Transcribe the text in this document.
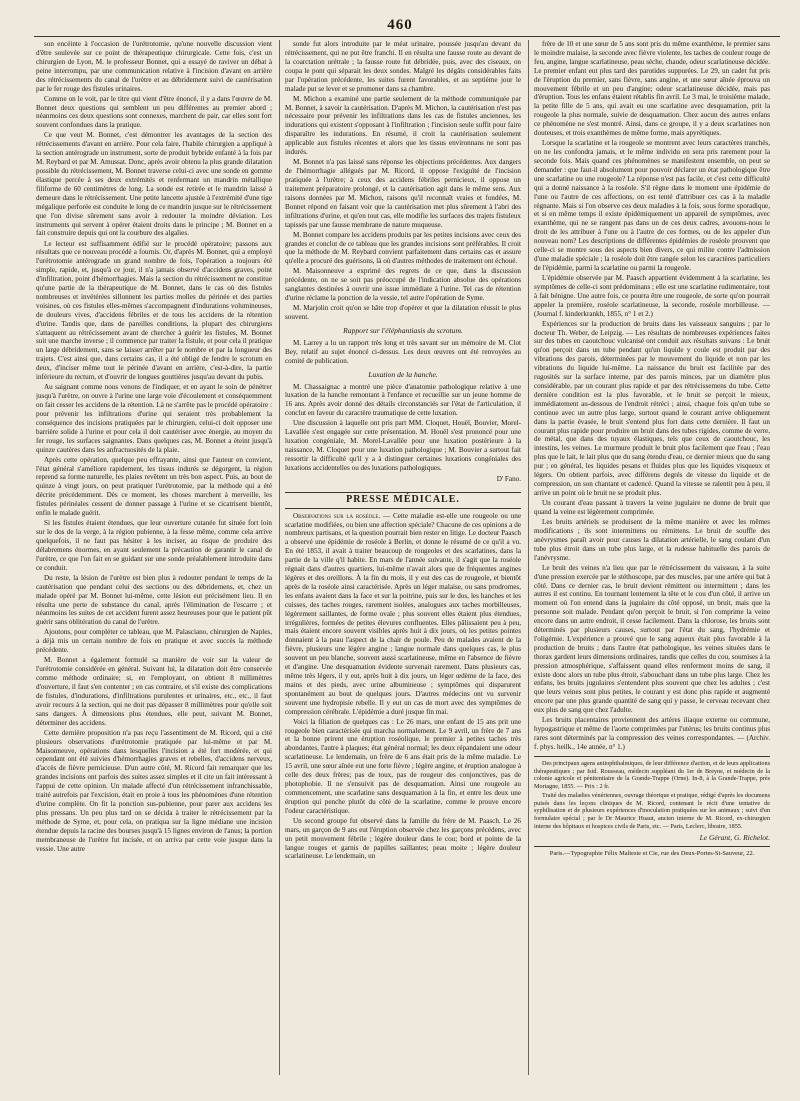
460

son encéinte à l'occasion de l'urétrotomie, qu'une nouvelle discussion vient d'être soulevée sur ce point de thérapeutique chirurgicale. Cette fois, c'est un chirurgien de Lyon, M. le professeur Bonnet, qui a essayé de raviver un débat à peine interrompu, par une communication relative à l'incision d'avant en arrière des rétrécissements du canal de l'urètre et au débridement suivi de cautérisation par le fer rouge des fistules urinaires.

Comme on le voit, par le titre qui vient d'être énoncé, il y a dans l'œuvre de M. Bonnet deux questions qui semblent un peu différentes au premier abord ; néanmoins ces deux questions sont connexes, marchent de pair, car elles sont fort souvent confondues dans la pratique.

Ce que veut M. Bonnet, c'est démontrer les avantages de la section des rétrécissements d'avant en arrière. Pour cela faire, l'habile chirurgien a appliqué à la section antérograde un instrument, sorte de produit hybride enfanté à la fois par M. Reybard et par M. Amussat. Donc, après avoir obtenu la plus grande dilatation possible du rétrécissement, M. Bonnet traverse celui-ci avec une sonde en gomme élastique percée à ses deux extrémités et renfermant un mandrin métallique filiforme de 60 centimètres de long. La sonde est retirée et le mandrin laissé à demeure dans le rétrécissement. Une petite lancette ajustée à l'extrémité d'une tige mégalique perforée est conduite le long de ce mandrin jusque sur le rétrécissement que l'on divise sûrement sans avoir à redouter la moindre déviation. Les instruments qui servent à opérer étaient droits dans le principe ; M. Bonnet en a fait construire depuis qui ont la courbure des algalies.

Le lecteur est suffisamment édifié sur le procédé opératoire; passons aux résultats que ce nouveau procédé a fournis. Or, d'après M. Bonnet, qui a employé l'urétrotomie antérograde un grand nombre de fois, l'opération a toujours été simple, rapide, et, jusqu'à ce jour, il n'a jamais observé d'accidens graves, point d'infiltration, point d'hémorrhagies. Mais la section du rétrécissement ne constitue qu'une partie de la thérapeutique de M. Bonnet, dans le cas où des fistules nombreuses et invétérées sillonnent les parties molles du périnée et des parties voisines, où ces fistules elles-mêmes s'accompagnent d'indurations volumineuses, de douleurs vives, d'accidens fébriles et de tous les accidens de la rétention d'urine. Tandis que, dans de pareilles conditions, la plupart des chirurgiens s'attaquent au rétrécissement avant de chercher à guérir les fistules, M. Bonnet suit une marche inverse ; il commence par traiter la fistule, et pour cela il pratique un large débridement, sans se laisser arrêter par le nombre et par la longueur des trajets. C'est ainsi que, dans certains cas, il a été obligé de fendre le scrotum en deux, d'inciser même tout le périnée d'avant en arrière, c'est-à-dire, la partie inférieure du rectum, et d'ouvrir de longues gouttières jusqu'au devant du pubis.

Au saignant comme nous venons de l'indiquer, et en ayant le soin de pénétrer jusqu'à l'urètre, on ouvre à l'urine une large voie d'écoulement et conséquemment on fait cesser les accidens de la rétention. Là ne s'arrête pas le procédé opératoire : pour prévenir les infiltrations d'urine qui seraient très probablement la conséquence des incisions pratiquées par le chirurgien, celui-ci doit opposer une barrière solide à l'urine et pour cela il doit cautériser avec énergie, au moyen du fer rouge, les surfaces saignantes. Dans quelques cas, M. Bonnet a éteint jusqu'à quinze cautères dans les anfractuosités de la plaie.

Après cette opération, quelque peu effrayante, ainsi que l'auteur en convient, l'état général s'améliore rapidement, les tissus indurés se dégorgent, la région reprend sa forme naturelle, les plaies revêtent un très bon aspect. Puis, au bout de quinze à vingt jours, on peut pratiquer l'urétrotomie, par la méthode qui a été décrite précédemment. Dès ce moment, les choses marchent à merveille, les fistules périnéales cessent de donner passage à l'urine et se cicatrisent bientôt, enfin le malade guérit.

Si les fistules étaient étendues, que leur ouverture cutanée fut située fort loin sur le dos de la verge, à la région pubienne, à la fesse même, comme cela arrive quelquefois, il ne faut pas hésiter à les inciser, au risque de produire des délabremens énormes, en ayant seulement la précaution de garantir le canal de l'urètre, ce que l'on fait en se guidant sur une sonde préalablement introduite dans ce conduit.

Du reste, la lésion de l'urètre est bien plus à redouter pendant le temps de la cautérisation que pendant celui des sections ou des débridemens, et, chez un malade opéré par M. Bonnet lui-même, cette lésion eut précisément lieu. Il en résulta une perte de substance du canal, après l'élimination de l'escarre ; et néanmoins les suites de cet accident furent assez heureuses pour que le patient pût guérir sans oblitération du canal de l'urètre.

Ajoutons, pour compléter ce tableau, que M. Palasciano, chirurgien de Naples, a déjà mis un certain nombre de fois en pratique et avec succès la méthode précédente.

M. Bonnet a également formulé sa manière de voir sur la valeur de l'urétrotomie considérée en général. Suivant lui, la dilatation doit être conservée comme méthode ordinaire; si, en l'employant, on obtient 8 millimètres d'ouverture, il faut s'en contenter ; en cas contraire, et s'il existe des complications de fistules, d'indurations, d'infiltrations purulentes et urinaires, etc., etc., il faut avoir recours à la section, qui ne doit pas dépasser 8 millimètres pour qu'elle soit sans dangers. À dimensions plus étendues, elle peut, suivant M. Bonnet, déterminer des accidens.

Cette dernière proposition n'a pas reçu l'assentiment de M. Ricord, qui a cité plusieurs observations d'urétrotomie pratiquée par lui-même et par M. Maisonneuve, opérations dans lesquelles l'incision a été fort modérée, et qui cependant ont été suivies d'hémorrhagies graves et rebelles, d'accidens nerveux, d'accès de fièvre pernicieuse. D'un autre côté, M. Ricord fait remarquer que les grandes incisions ont parfois des suites assez simples et il cite un fait intéressant à l'appui de cette opinion. Un malade affecté d'un rétrécissement infranchissable, traité autrefois par l'excision, était en proie à tous les phénomènes d'une rétention d'urine complète. On fit la ponction sus-pubienne, pour parer aux accidens les plus pressans. Un peu plus tard on se décida à traiter le rétrécissement par la méthode de Syme, et, pour cela, on pratiqua sur la ligne médiane une incision étendue depuis la racine des bourses jusqu'à 15 lignes environ de l'anus; la portion membraneuse de l'urètre fut incisée, et on arriva par cette voie jusque dans la vessie. Une autre

sonde fut alors introduite par le méat urinaire, poussée jusqu'au devant du rétrécissement, qui ne put être franchi. Il en résulta une fausse route au devant de la coarctation urétrale ; la fausse route fut débridée, puis, avec des ciseaux, on coupa le pont qui séparait les deux sondes. Malgré les dégâts considérables faits par l'opération précédente, les suites furent favorables, et au septième jour le malade put se lever et se promener dans sa chambre.

M. Michon a examiné une partie seulement de la méthode communiquée par M. Bonnet, à savoir la cautérisation. D'après M. Michon, la cautérisation n'est pas nécessaire pour prévenir les infiltrations dans les cas de fistules anciennes, les indurations qui existent s'opposant à l'infiltration ; l'incision seule suffit pour faire disparaître les indurations. En résumé, il croit la cautérisation seulement applicable aux fistules récentes et alors que les tissus environnans ne sont pas indurés.

M. Bonnet n'a pas laissé sans réponse les objections précédentes. Aux dangers de l'hémorrhagie allégués par M. Ricord, il oppose l'exiguïté de l'incision pratiquée à l'urètre; à ceux des accidens fébriles pernicieux, il oppose un traitement préparatoire prolongé, et la cautérisation agit dans le même sens. Aux raisons données par M. Michon, raisons qu'il reconnaît vraies et fondées, M. Bonnet répond en faisant voir que la cautérisation met plus sûrement à l'abri des infiltrations d'urine, et qu'en tout cas, elle modifie les surfaces des trajets fistuleux tapissés par une fausse membrane de nature muqueuse.

M. Bonnet compare les accidens produits par les petites incisions avec ceux des grandes et conclut de ce tableau que les grandes incisions sont préférables. Il croit que la méthode de M. Reybard convient parfaitement dans certains cas et assure qu'elle a procuré des guérisons, là où d'autres méthodes de traitement ont échoué.

M. Maisonneuve a exprimé des regrets de ce que, dans la discussion précédente, on ne se soit pas préoccupé de l'indication absolue des opérations sanglantes destinées à ouvrir une issue immédiate à l'urine. Tel cas de rétention d'urine réclame la ponction de la vessie, tel autre l'opération de Syme.

M. Marjolin croit qu'on se hâte trop d'opérer et que la dilatation réussit le plus souvent.

Rapport sur l'éléphantiasis du scrotum.

M. Larrey a lu un rapport très long et très savant sur un mémoire de M. Clot Bey, relatif au sujet énoncé ci-dessus. Les deux œuvres ont été renvoyées au comité de publication.

Luxation de la hanche.

M. Chassaignac a montré une pièce d'anatomie pathologique relative à une luxation de la hanche remontant à l'enfance et recueillie sur un jeune homme de 16 ans. Après avoir donné des détails circonstanciés sur l'état de l'articulation, il conclut en faveur du caractère traumatique de cette luxation.

Une discussion à laquelle ont pris part MM. Cloquet, Houël, Bouvier, Morel-Lavallée s'est engagée sur cette présentation. M. Houël s'est prononcé pour une luxation congéniale, M. Morel-Lavallée pour une luxation postérieure à la naissance, M. Cloquet pour une luxation pathologique ; M. Bouvier a surtout fait ressortir la difficulté qu'il y a à distinguer certaines luxations congéniales des luxations accidentelles ou des luxations pathologiques.

D' Fano.

PRESSE MÉDICALE.

Observations sur la roséole. — Cette maladie est-elle une rougeole ou une scarlatine modifiées, ou bien une affection spéciale? Chacune de ces opinions a de nombreux partisans, et la question pourrait bien rester en litige. Le docteur Paasch a observé une épidémie de roséole à Berlin, et donne le résumé de ce qu'il a vu. En été 1853, il avait à traiter beaucoup de rougeoles et des scarlatines, dans la partie de la ville q'il habite. En mars de l'année suivante, il s'agit que la roséole régnait dans d'autres quartiers, lui-même n'avait alors que de fréquentes angines légères et des oreillons. À la fin du mois, il y eut des cas de rougeole, et bientôt après de la roséole ainsi caractérisée. Après un léger malaise, ou sans prodromes, les enfans avaient dans la face et sur la poitrine, puis sur le dos, les hanches et les cuisses, des taches rouges, rarement isolées, analogues aux taches morbilleuses, légèrement saillantes, de forme ovale ; plus souvent elles étaient plus étendues, irrégulières, formées de petites élevures confluentes. Elles pâlissaient peu à peu, mais étaient encore souvent visibles après huit à dix jours, où les petites pointes donnaient à la peau l'aspect de la chair de poule. Peu de malades avaient de la fièvre, plusieurs une légère angine ; langue normale dans quelques cas, le plus souvent un peu blanche, souvent aussi scarlatineuse, même en l'absence de fièvre et d'angine. Une desquamation évidente survenait rarement. Dans plusieurs cas, même très légers, il y eut, après huit à dix jours, un léger œdème de la face, des mains et des pieds, avec urine albumineuse ; symptômes qui disparurent spontanément au bout de quelques jours. D'autres médecins ont vu survenir souvent une hydropisie rebelle. Il y eut un cas de mort avec des symptômes de compression cérébrale. L'épidémie a duré jusque fin mai.

Voici la filiation de quelques cas : Le 26 mars, une enfant de 15 ans prit une rougeole bien caractérisée qui marcha normalement. Le 9 avril, un frère de 7 ans et la bonne prirent une éruption roséolique, le premier à petites taches très abondantes, l'autre à plaques; état général normal; les deux répandaient une odeur scarlatineuse. Le lendemain, un frère de 6 ans était pris de la même maladie. Le 15 avril, une sœur aînée eut une forte fièvre ; légère angine, et éruption analogue à celle des deux frères; pas de toux, pas de rougeur des conjonctives, pas de photophobie. Il ne s'ensuivit pas de desquamation. Ainsi une rougeole au commencement, une scarlatine sans desquamation à la fin, et entre les deux une éruption qui penche plutôt du côté de la scarlatine, comme le prouve encore l'odeur caractéristique.

Un second groupe fut observé dans la famille du frère de M. Paasch. Le 26 mars, un garçon de 9 ans eut l'éruption observée chez les garçons précédens, avec un petit mouvement fébrile ; légère douleur dans le cou; bord et pointe de la langue rouges et garnis de papilles saillantes; peau moite ; légère douleur scarlatineuse. Le lendemain, un

frère de 10 et une sœur de 5 ans sont pris du même exanthème, le premier sans le moindre malaise, la seconde avec fièvre violente, les taches de couleur rouge de feu, angine, langue scarlatineuse, peau sèche, chaude, odeur scarlatineuse décidée. Le premier enfant eut plus tard des parotides suppurées. Le 29, un cadet fut pris de l'éruption du premier, sans fièvre, sans angine, et une sœur aînée éprouva un mouvement fébrile et un peu d'angine; odeur scarlatineuse décidée, mais pas d'éruption. Tous les enfans étaient rétablis fin avril. Le 3 mai, le troisième malade, la petite fille de 5 ans, qui avait eu une scarlatine avec desquamation, prit la rougeole la plus normale, suivie de desquamation. Chez aucun des autres enfans ce phénomène ne s'est montré. Ainsi, dans ce groupe, il y a deux scarlatines non douteuses, et trois exanthèmes de même forme, mais apyrétiques.

Lorsque la scarlatine et la rougeole se montrent avec leurs caractères tranchés, on ne les confondra jamais, et le même individu en sera pris rarement pour la seconde fois. Mais quand ces phénomènes se manifestent ensemble, on peut se demander : que faut-il absolument pour pouvoir déclarer un état pathologique être une scarlatine ou une rougeole? La réponse n'est pas facile, et c'est cette difficulté qui a donné naissance à la roséole. S'il règne dans le moment une épidémie de l'une ou l'autre de ces affections, on est tenté d'attribuer ces cas à la maladie régnante. Mais si l'on observe ces deux maladies à la fois, sous forme sporadique, et si en même temps il existe épidémiquement un appareil de symptômes, avec exanthème, qui ne se rangent pas dans un de ces deux cadres, avouons-nous le droit de les attribuer à l'une ou à l'autre de ces formes, ou de les appeler d'un nouveau nom? Les descriptions de différentes épidémies de roséole prouvent que celle-ci se montre sous des aspects bien divers, ce qui milite contre l'admission d'une maladie spéciale ; la roséole doit être rangée selon les caractères particuliers de l'épidémie, parmi la scarlatine ou parmi la rougeole.

L'épidémie observée par M. Paasch appartient évidemment à la scarlatine, les symptômes de celle-ci sont prédominans ; elle est une scarlatine rudimentaire, tout à fait bénigne. Une autre fois, ce pourra être une rougeole, de sorte qu'on pourrait appeler la première, roséole scarlatineuse, la seconde, roséole morbilleuse. — (Journal f. kinderkrankh, 1855, n° 1 et 2.)

Expériences sur la production de bruits dans les vaisseaux sanguins ; par le docteur Th. Weber, de Leipzig. — Les résultats de nombreuses expériences faites sur des tubes en caoutchouc vulcanisé ont conduit aux résultats suivans : Le bruit qu'on perçoit dans un tube pendant qu'un liquide y coule est produit par des vibrations des parois, déterminées par le mouvement du liquide et non par les vibrations du liquide lui-même. La naissance du bruit est facilitée par des rugosités sur la surface interne, par des parois minces, par un diamètre plus considérable, par un courant plus rapide et par des rétrécissemens du tube. Cette dernière condition est la plus favorable, et le bruit se perçoit le mieux, immédiatement au-dessous de l'endroit rétréci ; ainsi, chaque fois qu'un tube se continue avec un autre plus large, surtout quand le courant arrive obliquement dans la partie évasée, le bruit s'entend plus fort dans cette dernière. Il faut un courant plus rapide pour produire un bruit dans des tubes rigides, comme de verre, de métal, que dans des tuyaux élastiques, tels que ceux de caoutchouc, les intestins, les veines. Le murmure produit le bruit plus facilement que l'eau ; l'eau plus que le lait, le lait plus que du sang étendu d'eau, ce dernier mieux que du sang pur ; en général, les liquides pesans et fluides plus que les liquides visqueux et légers. On obtient parfois, avec différens degrés de vitesse du liquide et de compression, un son chantant et cadencé. Quand la vitesse se ralentit peu à peu, il arrive un point où le bruit ne se produit plus.

Un courant d'eau passant à travers la veine jugulaire ne donne de bruit que quand la veine est légèrement comprimée.

Les bruits artériels se produisent de la même manière et avec les mêmes modifications ; ils sont intermittens ou rémittens. Le bruit de souffle des anévrysmes paraît avoir pour causes la dilatation artérielle, le sang coulant d'un tube plus étroit dans un tube plus large, et la rudesse habituelle des parois de l'anévrysme.

Le bruit des veines n'a lieu que par le rétrécissement du vaisseau, à la suite d'une pression exercée par le stéthoscope, par des muscles, par une artère qui bat à côté. Dans ce dernier cas, le bruit devient rémittent ou intermittent ; dans les autres il est continu. En tournant lentement la tête et le cou d'un côté, il arrive un moment où l'on entend dans la jugulaire du côté opposé, un bruit, mais que la personne soit malade. Pendant qu'on perçoit le bruit, si l'on comprime la veine encore dans un autre endroit, il cesse facilement. Dans la chlorose, les bruits sont déterminés par plusieurs causes, surtout par l'état du sang, l'hydrémie et l'oligémie. L'expérience a prouvé que le sang aqueux était plus favorable à la production de bruits ; dans l'autre état pathologique, les veines situées dans le thorax gardent leurs dimensions ordinaires, tandis que celles du cou, soumises à la pression atmosphérique, s'affaissent quand elles renferment moins de sang, il existe donc alors un tube plus étroit, s'abouchant dans un tube plus large. Chez les enfans, les bruits jugulaires s'entendent plus souvent que chez les adultes ; c'est que leurs veines sont plus petites, le courant y est donc plus rapide et augmenté encore par une plus grande quantité de sang qui y passe, le cerveau recevant chez eux plus de sang que chez l'adulte.

Les bruits placentaires proviennent des artères iliaque externe ou commune, hypogastrique et même de l'aorte comprimées par l'utérus; les bruits continus plus rares sont déterminés par la compression des veines correspondantes. — (Archiv. f. phys. heilk., 14e année, n° 1.)

Des principaux agens antiophthalmiques, de leur différence d'action, et de leurs applications thérapeutiques ; par Isid. Rousseau, médecin suppléant du 1er de Breyne, et médecin de la colonie agricole et pénitentiaire de la Grande-Trappe (Orne). In-8, à la Grande-Trappe, près Mortagne, 1855. — Prix : 2 fr.

Traité des maladies vénériennes, ouvrage théorique et pratique, rédigé d'après les documens puisés dans les leçons cliniques de M. Ricord, contenant le récit d'une tentative de syphilisation et de plusieurs expériences d'inoculation pratiquées sur les animaux ; suivi d'un formulaire spécial ; par le Dr Maurice Huaut, ancien interne de M. Ricord, ex-chirurgien interne des hôpitaux et hospices civils de Paris, etc. — Paris, Leclerc, libraire, 1855.

Le Gérant, G. Richelot.
Paris.—Typographie Félix Malteste et Cie, rue des Deux-Portes-St-Sauveur, 22.
